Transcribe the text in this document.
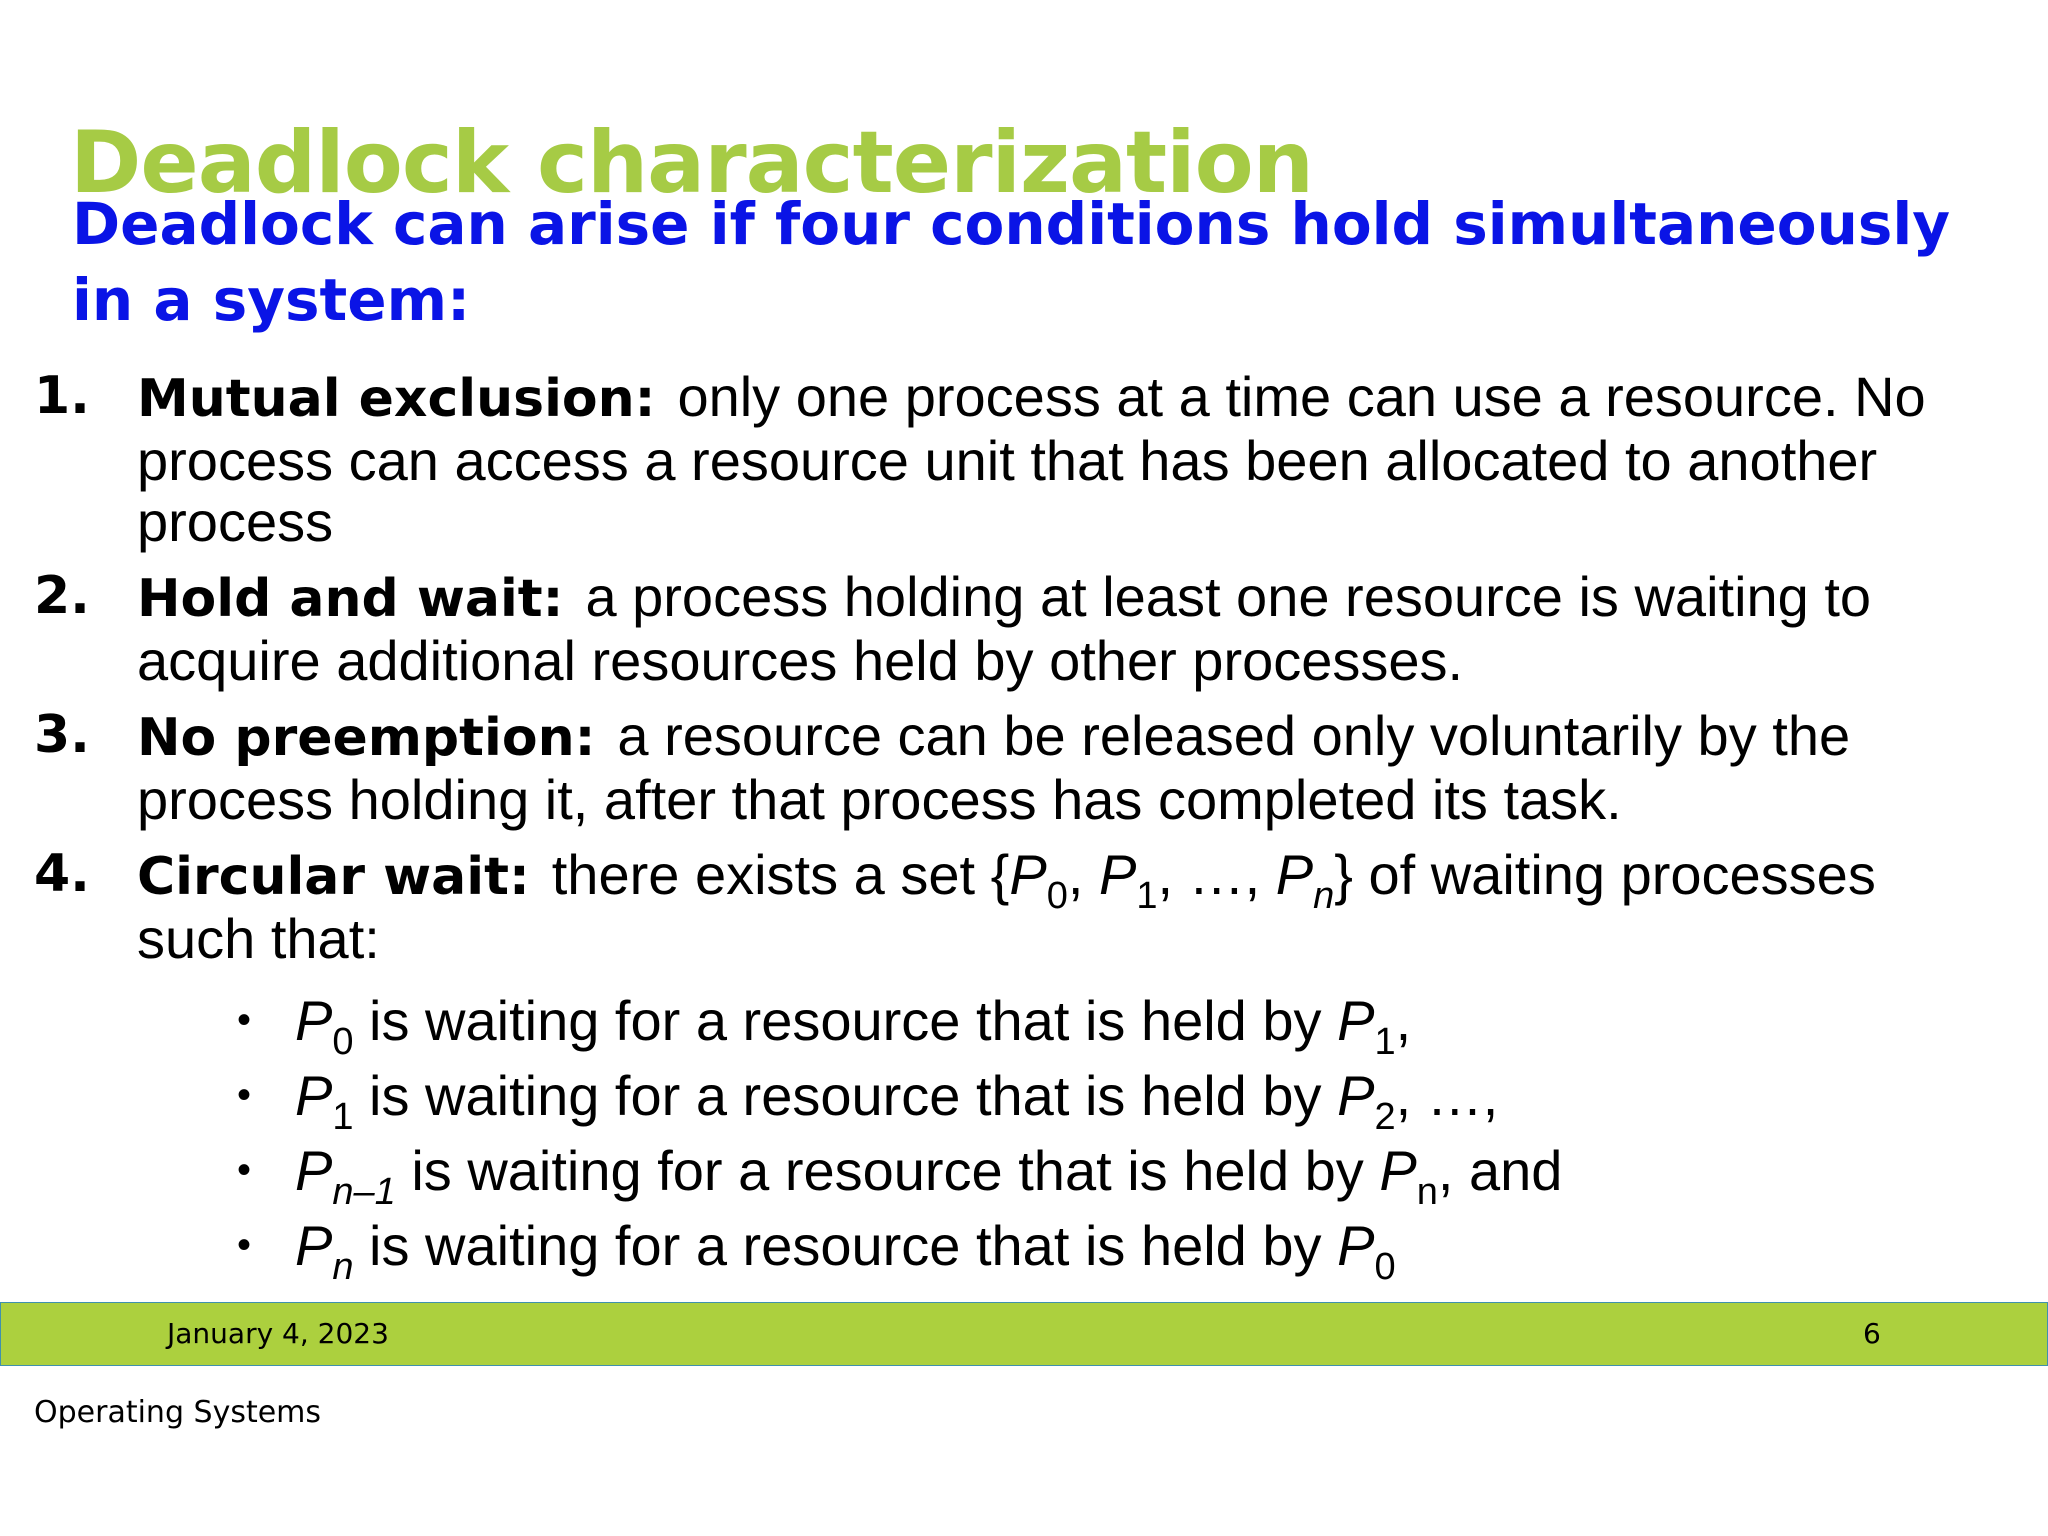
Deadlock characterization
Deadlock can arise if four conditions hold simultaneously in a system:
1. Mutual exclusion: only one process at a time can use a resource. No process can access a resource unit that has been allocated to another process
2. Hold and wait: a process holding at least one resource is waiting to acquire additional resources held by other processes.
3. No preemption: a resource can be released only voluntarily by the process holding it, after that process has completed its task.
4. Circular wait: there exists a set {$P_0$, $P_1$, …, $P_n$} of waiting processes such that:
• $P_0$ is waiting for a resource that is held by $P_1$,
• $P_1$ is waiting for a resource that is held by $P_2$, …,
• $P_{n-1}$ is waiting for a resource that is held by $P_n$, and
• $P_n$ is waiting for a resource that is held by $P_0$
January 4, 2023	6
Operating Systems
